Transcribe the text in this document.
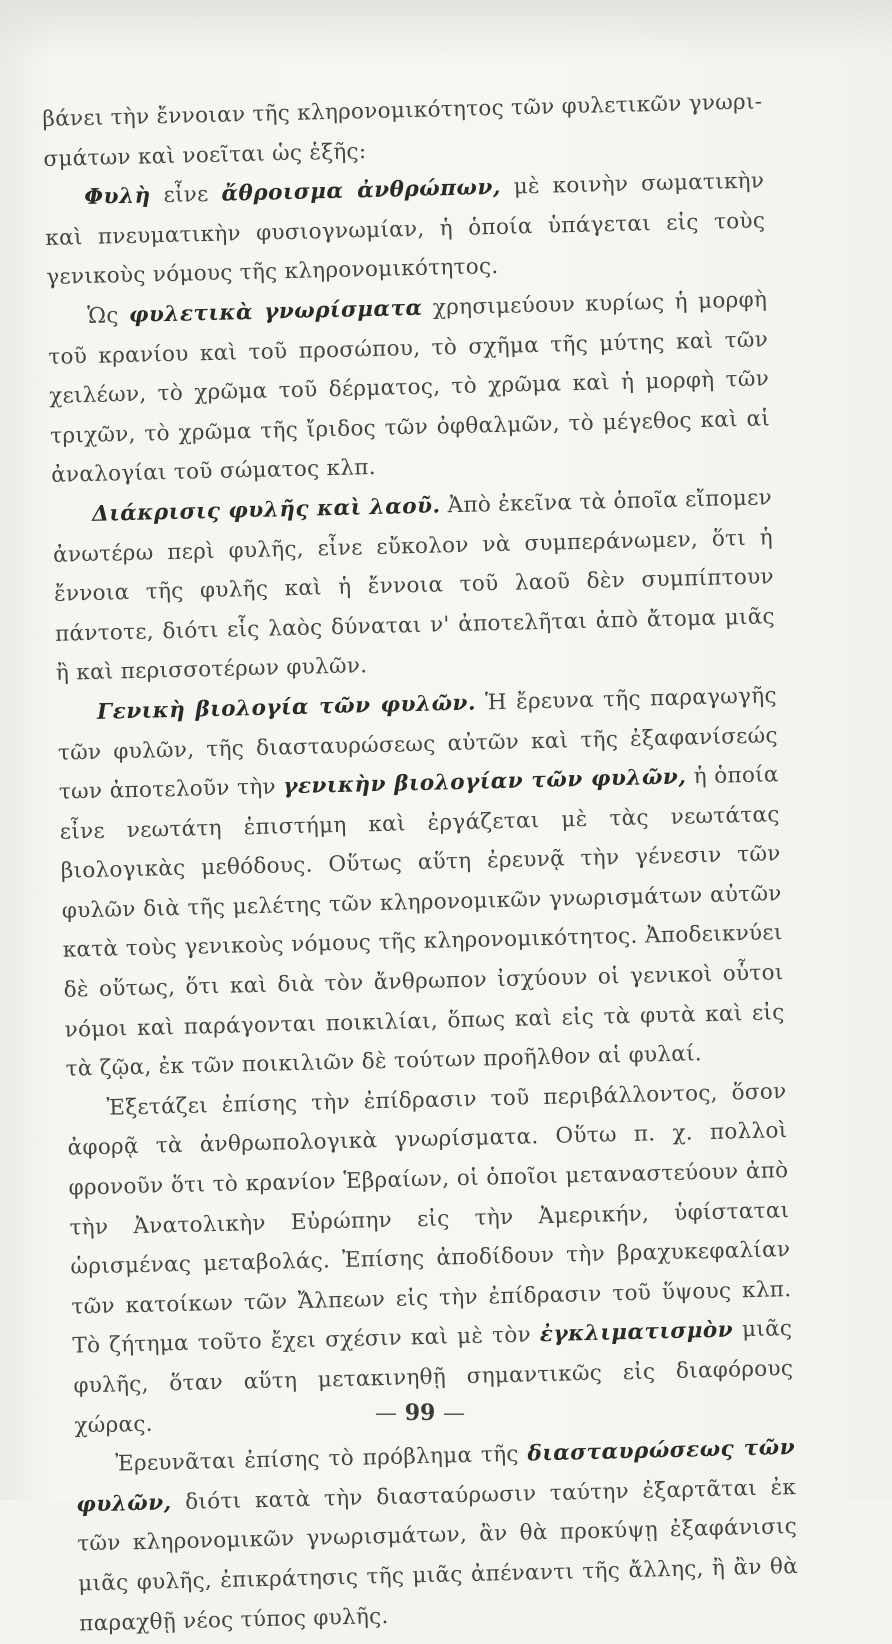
βάνει τὴν ἔννοιαν τῆς κληρονομικότητος τῶν φυλετικῶν γνωρι- σμάτων καὶ νοεῖται ὡς ἑξῆς:

Φυλὴ εἶνε ἄθροισμα ἀνθρώπων, μὲ κοινὴν σωματικὴν καὶ πνευματικὴν φυσιογνωμίαν, ἡ ὁποία ὑπάγεται εἰς τοὺς γενικοὺς νόμους τῆς κληρονομικότητος.

Ὡς φυλετικὰ γνωρίσματα χρησιμεύουν κυρίως ἡ μορφὴ τοῦ κρανίου καὶ τοῦ προσώπου, τὸ σχῆμα τῆς μύτης καὶ τῶν χειλέων, τὸ χρῶμα τοῦ δέρματος, τὸ χρῶμα καὶ ἡ μορφὴ τῶν τριχῶν, τὸ χρῶμα τῆς ἴριδος τῶν ὀφθαλμῶν, τὸ μέγεθος καὶ αἱ ἀναλογίαι τοῦ σώματος κλπ.

Διάκρισις φυλῆς καὶ λαοῦ. Ἀπὸ ἐκεῖνα τὰ ὁποῖα εἴπομεν ἀνωτέρω περὶ φυλῆς, εἶνε εὔκολον νὰ συμπεράνωμεν, ὅτι ἡ ἔννοια τῆς φυλῆς καὶ ἡ ἔννοια τοῦ λαοῦ δὲν συμπίπτουν πάντοτε, διότι εἷς λαὸς δύναται ν' ἀποτελῆται ἀπὸ ἄτομα μιᾶς ἢ καὶ περισσοτέρων φυλῶν.

Γενικὴ βιολογία τῶν φυλῶν. Ἡ ἔρευνα τῆς παραγωγῆς τῶν φυλῶν, τῆς διασταυρώσεως αὐτῶν καὶ τῆς ἐξαφανίσεώς των ἀποτελοῦν τὴν γενικὴν βιολογίαν τῶν φυλῶν, ἡ ὁποία εἶνε νεωτάτη ἐπιστήμη καὶ ἐργάζεται μὲ τὰς νεωτάτας βιολογικὰς μεθόδους. Οὕτως αὕτη ἐρευνᾷ τὴν γένεσιν τῶν φυλῶν διὰ τῆς μελέτης τῶν κληρονομικῶν γνωρισμάτων αὐτῶν κατὰ τοὺς γενικοὺς νόμους τῆς κληρονομικότητος. Ἀποδεικνύει δὲ οὕτως, ὅτι καὶ διὰ τὸν ἄνθρωπον ἰσχύουν οἱ γενικοὶ οὗτοι νόμοι καὶ παράγονται ποικιλίαι, ὅπως καὶ εἰς τὰ φυτὰ καὶ εἰς τὰ ζῷα, ἐκ τῶν ποικιλιῶν δὲ τούτων προῆλθον αἱ φυλαί.

Ἐξετάζει ἐπίσης τὴν ἐπίδρασιν τοῦ περιβάλλοντος, ὅσον ἀφορᾷ τὰ ἀνθρωπολογικὰ γνωρίσματα. Οὕτω π. χ. πολλοὶ φρονοῦν ὅτι τὸ κρανίον Ἑβραίων, οἱ ὁποῖοι μεταναστεύουν ἀπὸ τὴν Ἀνατολικὴν Εὐρώπην εἰς τὴν Ἀμερικήν, ὑφίσταται ὡρισμένας μεταβολάς. Ἐπίσης ἀποδίδουν τὴν βραχυκεφαλίαν τῶν κατοίκων τῶν Ἄλπεων εἰς τὴν ἐπίδρασιν τοῦ ὕψους κλπ. Τὸ ζήτημα τοῦτο ἔχει σχέσιν καὶ μὲ τὸν ἐγκλιματισμὸν μιᾶς φυλῆς, ὅταν αὕτη μετακινηθῇ σημαντικῶς εἰς διαφόρους χώρας.

Ἐρευνᾶται ἐπίσης τὸ πρόβλημα τῆς διασταυρώσεως τῶν φυλῶν, διότι κατὰ τὴν διασταύρωσιν ταύτην ἐξαρτᾶται ἐκ τῶν κληρονομικῶν γνωρισμάτων, ἂν θὰ προκύψῃ ἐξαφάνισις μιᾶς φυλῆς, ἐπικράτησις τῆς μιᾶς ἀπέναντι τῆς ἄλλης, ἢ ἂν θὰ παραχθῇ νέος τύπος φυλῆς.

— 99 —
